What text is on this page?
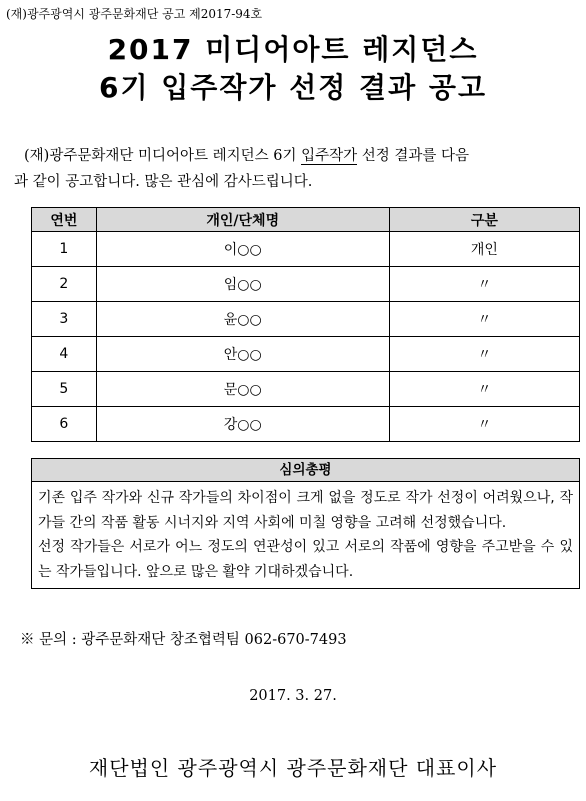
(재)광주광역시 광주문화재단 공고 제2017-94호
2017 미디어아트 레지던스
6기 입주작가 선정 결과 공고
(재)광주문화재단 미디어아트 레지던스 6기 입주작가 선정 결과를 다음
과 같이 공고합니다. 많은 관심에 감사드립니다.
연번	개인/단체명	구분
1	이○○	개인
2	임○○	〃
3	윤○○	〃
4	안○○	〃
5	문○○	〃
6	강○○	〃
심의총평

기존 입주 작가와 신규 작가들의 차이점이 크게 없을 정도로 작가 선정이 어려웠으나, 작가들 간의 작품 활동 시너지와 지역 사회에 미칠 영향을 고려해 선정했습니다.

선정 작가들은 서로가 어느 정도의 연관성이 있고 서로의 작품에 영향을 주고받을 수 있는 작가들입니다. 앞으로 많은 활약 기대하겠습니다.

※ 문의 : 광주문화재단 창조협력팀 062-670-7493
2017. 3. 27.
재단법인 광주광역시 광주문화재단 대표이사
